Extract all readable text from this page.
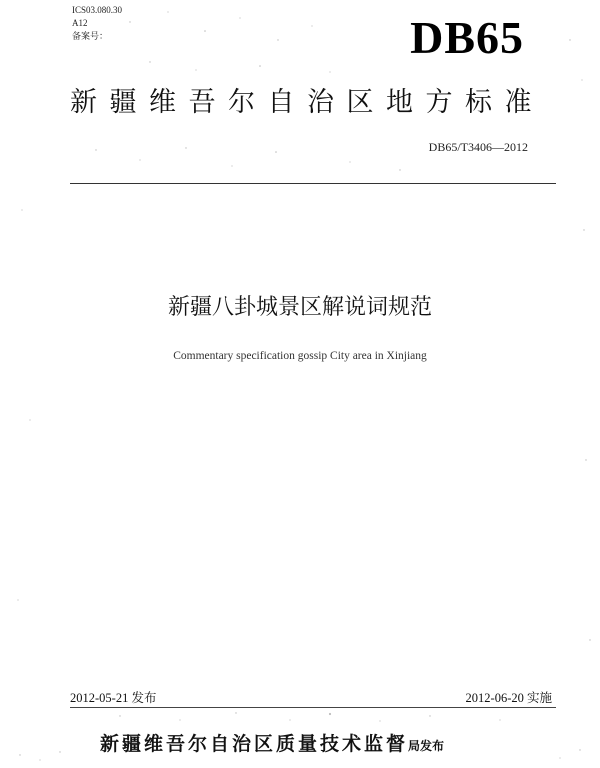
ICS03.080.30
A12
备案号：	DB65
新疆维吾尔自治区地方标准
DB65/T3406—2012
新疆八卦城景区解说词规范
Commentary specification gossip City area in Xinjiang
2012-05-21 发布	2012-06-20 实施
新疆维吾尔自治区质量技术监督局发布
